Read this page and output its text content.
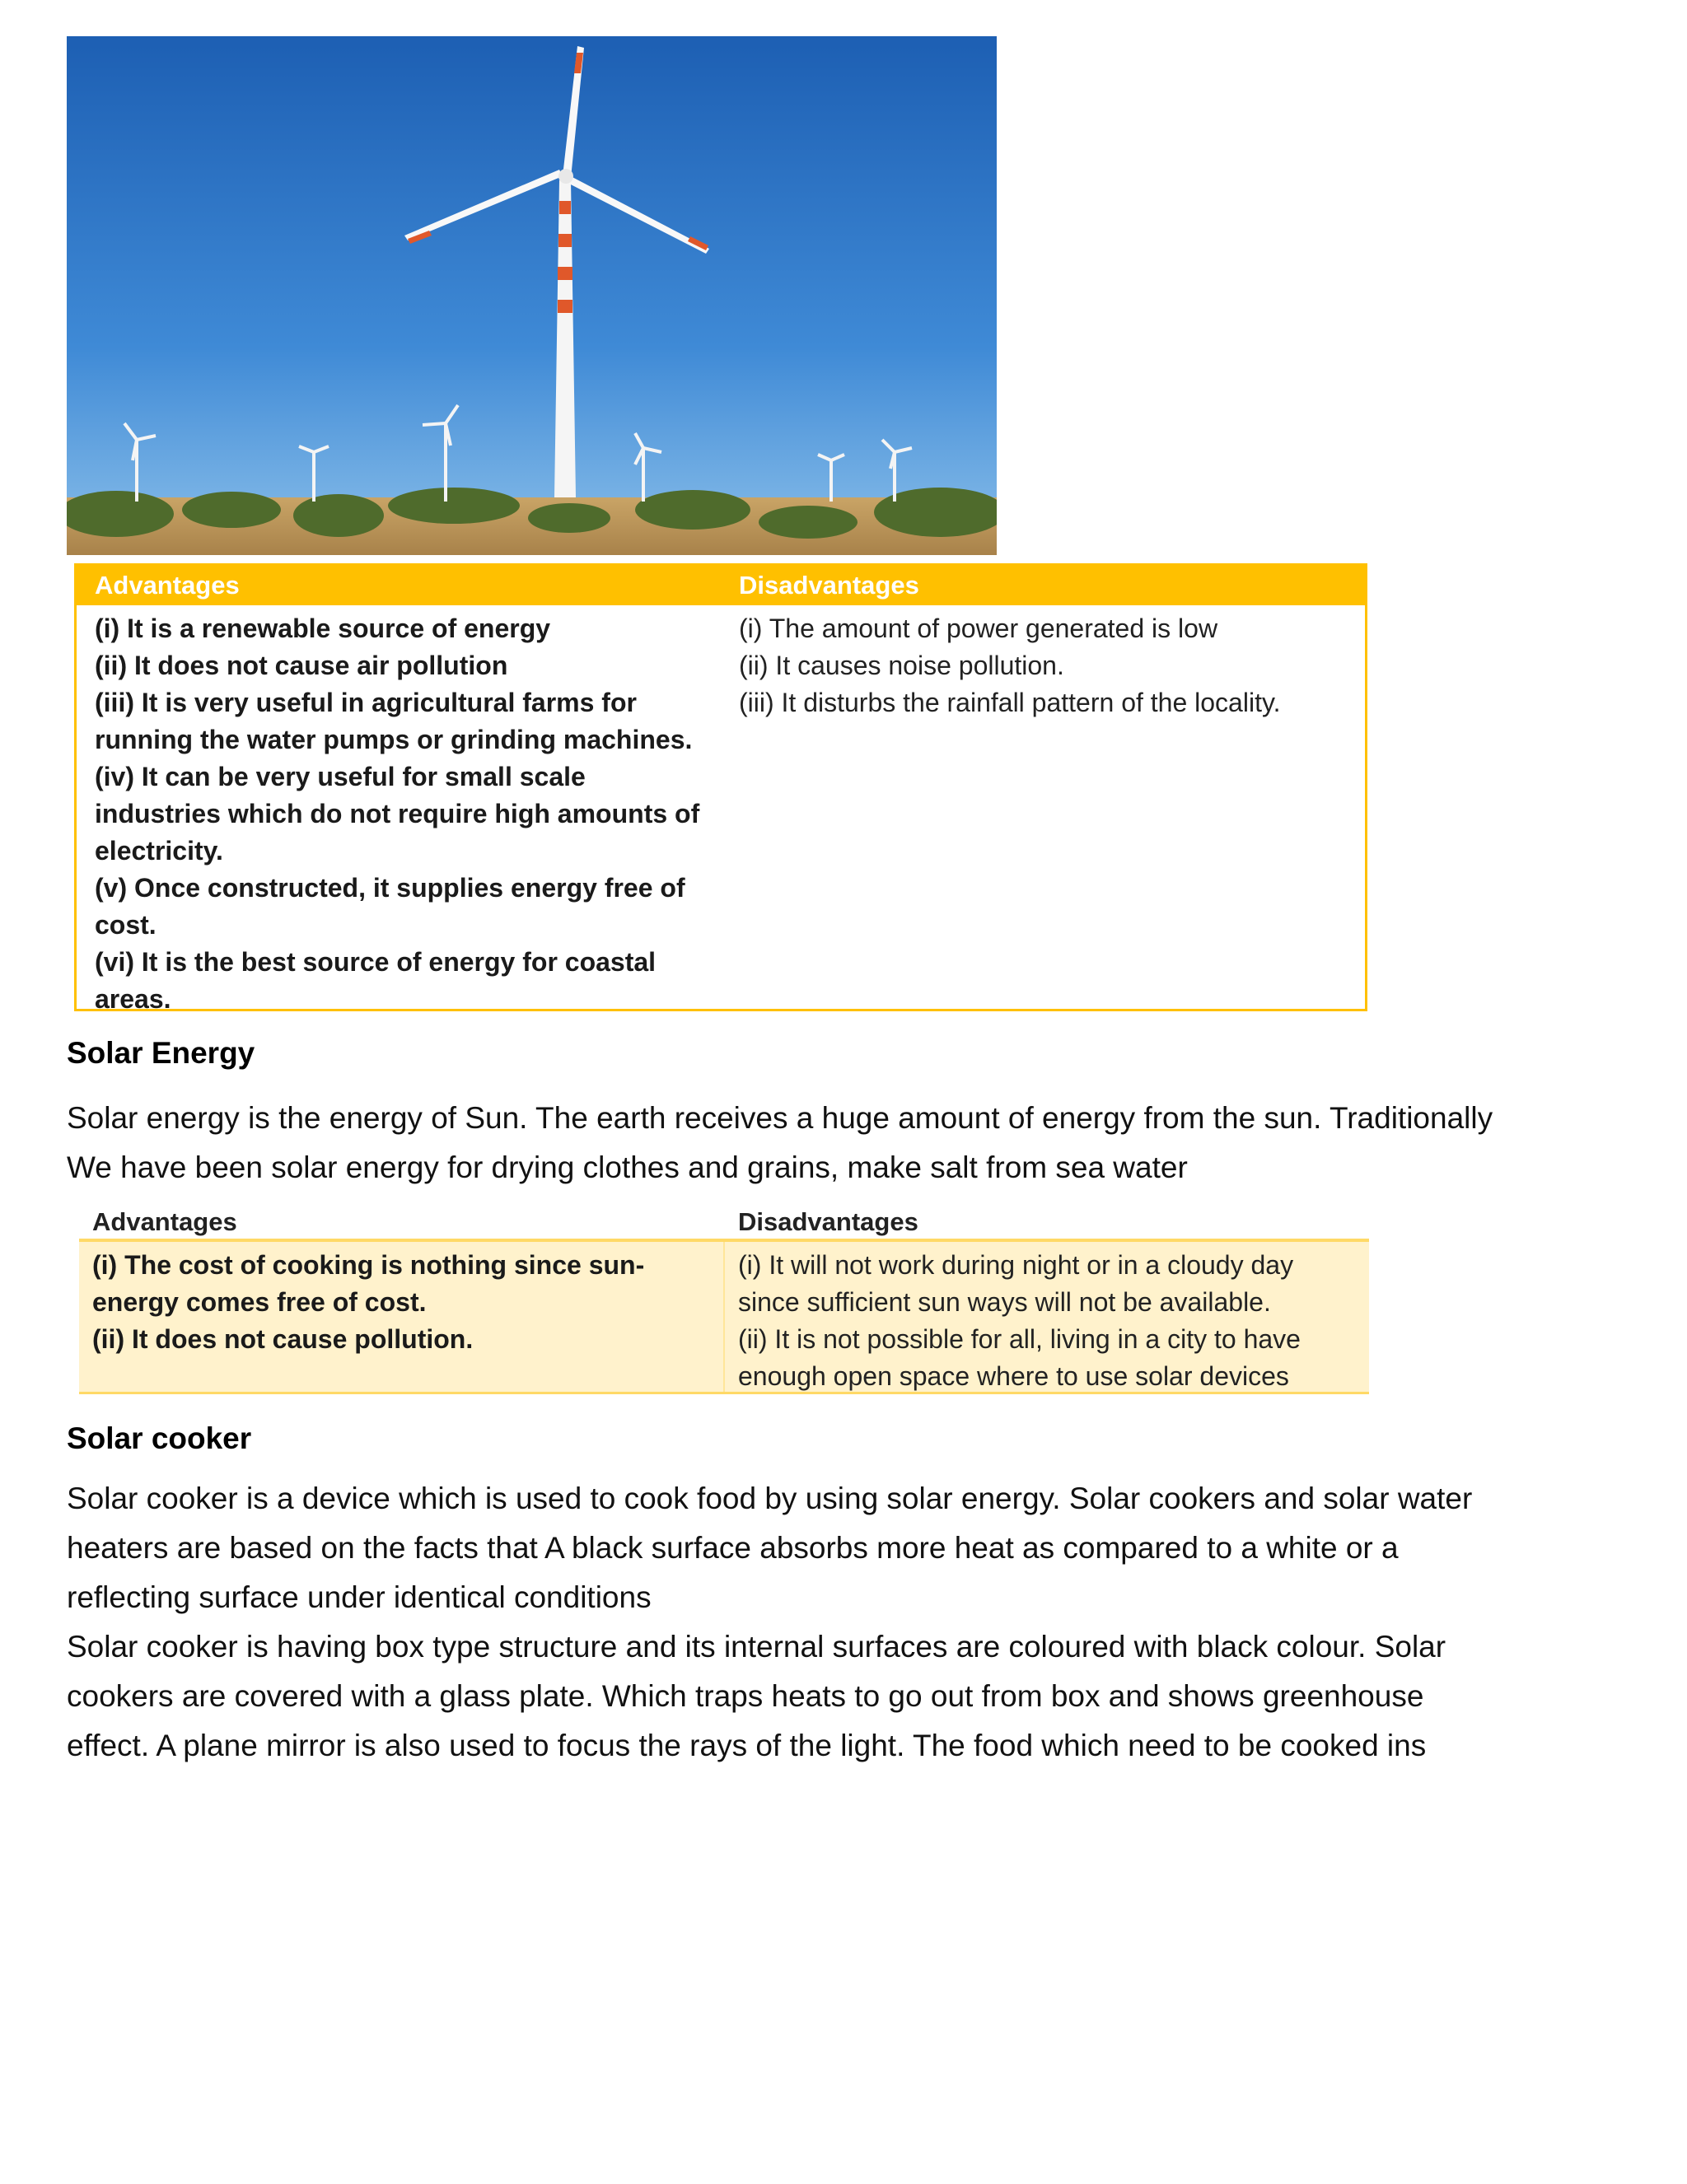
Advantages	Disadvantages
(i) It is a renewable source of energy
(ii) It does not cause air pollution
(iii) It is very useful in agricultural farms for
running the water pumps or grinding machines.
(iv) It can be very useful for small scale
industries which do not require high amounts of
electricity.
(v) Once constructed, it supplies energy free of
cost.
(vi) It is the best source of energy for coastal
areas.
(i) The amount of power generated is low
(ii) It causes noise pollution.
(iii) It disturbs the rainfall pattern of the locality.
Solar Energy
Solar energy is the energy of Sun. The earth receives a huge amount of energy from the sun. Traditionally
We have been solar energy for drying clothes and grains, make salt from sea water
Advantages	Disadvantages
(i) The cost of cooking is nothing since sun-
energy comes free of cost.
(ii) It does not cause pollution.
(i) It will not work during night or in a cloudy day
since sufficient sun ways will not be available.
(ii) It is not possible for all, living in a city to have
enough open space where to use solar devices
Solar cooker
Solar cooker is a device which is used to cook food by using solar energy. Solar cookers and solar water
heaters are based on the facts that A black surface absorbs more heat as compared to a white or a
reflecting surface under identical conditions
Solar cooker is having box type structure and its internal surfaces are coloured with black colour. Solar
cookers are covered with a glass plate. Which traps heats to go out from box and shows greenhouse
effect. A plane mirror is also used to focus the rays of the light. The food which need to be cooked ins
